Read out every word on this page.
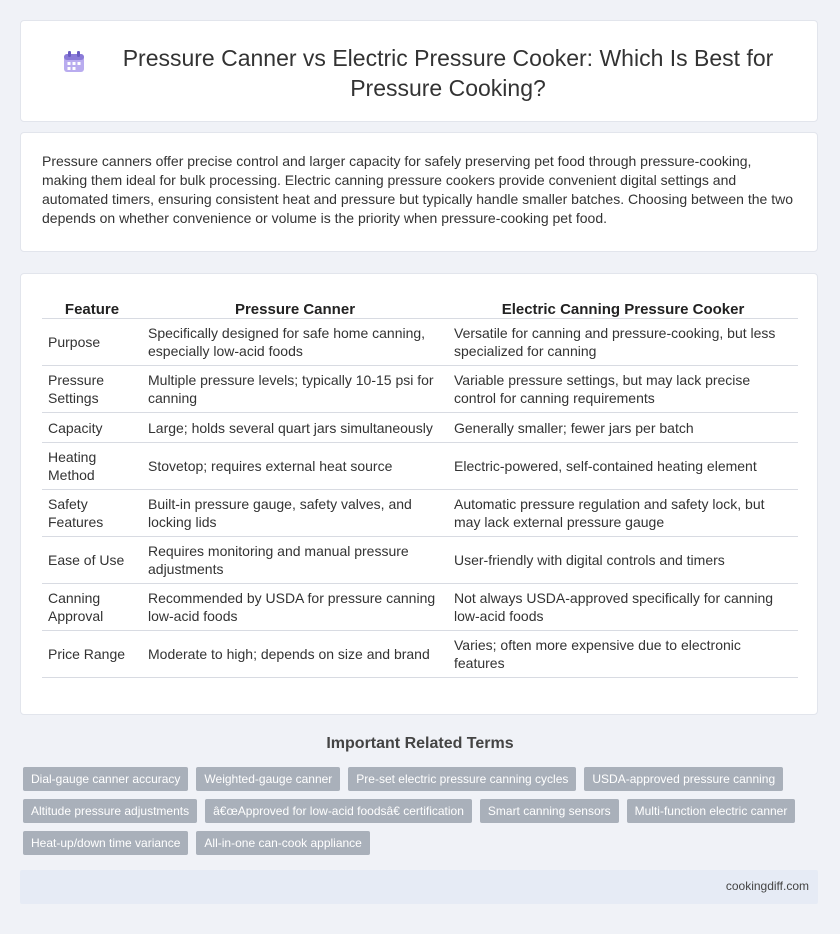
Pressure Canner vs Electric Pressure Cooker: Which Is Best for Pressure Cooking?

Pressure canners offer precise control and larger capacity for safely preserving pet food through pressure-cooking, making them ideal for bulk processing. Electric canning pressure cookers provide convenient digital settings and automated timers, ensuring consistent heat and pressure but typically handle smaller batches. Choosing between the two depends on whether convenience or volume is the priority when pressure-cooking pet food.

Feature	Pressure Canner	Electric Canning Pressure Cooker
Purpose	Specifically designed for safe home canning, especially low-acid foods	Versatile for canning and pressure-cooking, but less specialized for canning
Pressure Settings	Multiple pressure levels; typically 10-15 psi for canning	Variable pressure settings, but may lack precise control for canning requirements
Capacity	Large; holds several quart jars simultaneously	Generally smaller; fewer jars per batch
Heating Method	Stovetop; requires external heat source	Electric-powered, self-contained heating element
Safety Features	Built-in pressure gauge, safety valves, and locking lids	Automatic pressure regulation and safety lock, but may lack external pressure gauge
Ease of Use	Requires monitoring and manual pressure adjustments	User-friendly with digital controls and timers
Canning Approval	Recommended by USDA for pressure canning low-acid foods	Not always USDA-approved specifically for canning low-acid foods
Price Range	Moderate to high; depends on size and brand	Varies; often more expensive due to electronic features
Important Related Terms
Dial-gauge canner accuracy	Weighted-gauge canner	Pre-set electric pressure canning cycles	USDA-approved pressure canning
Altitude pressure adjustments	â€œApproved for low-acid foodsâ€ certification	Smart canning sensors	Multi-function electric canner
Heat-up/down time variance	All-in-one can-cook appliance
cookingdiff.com
